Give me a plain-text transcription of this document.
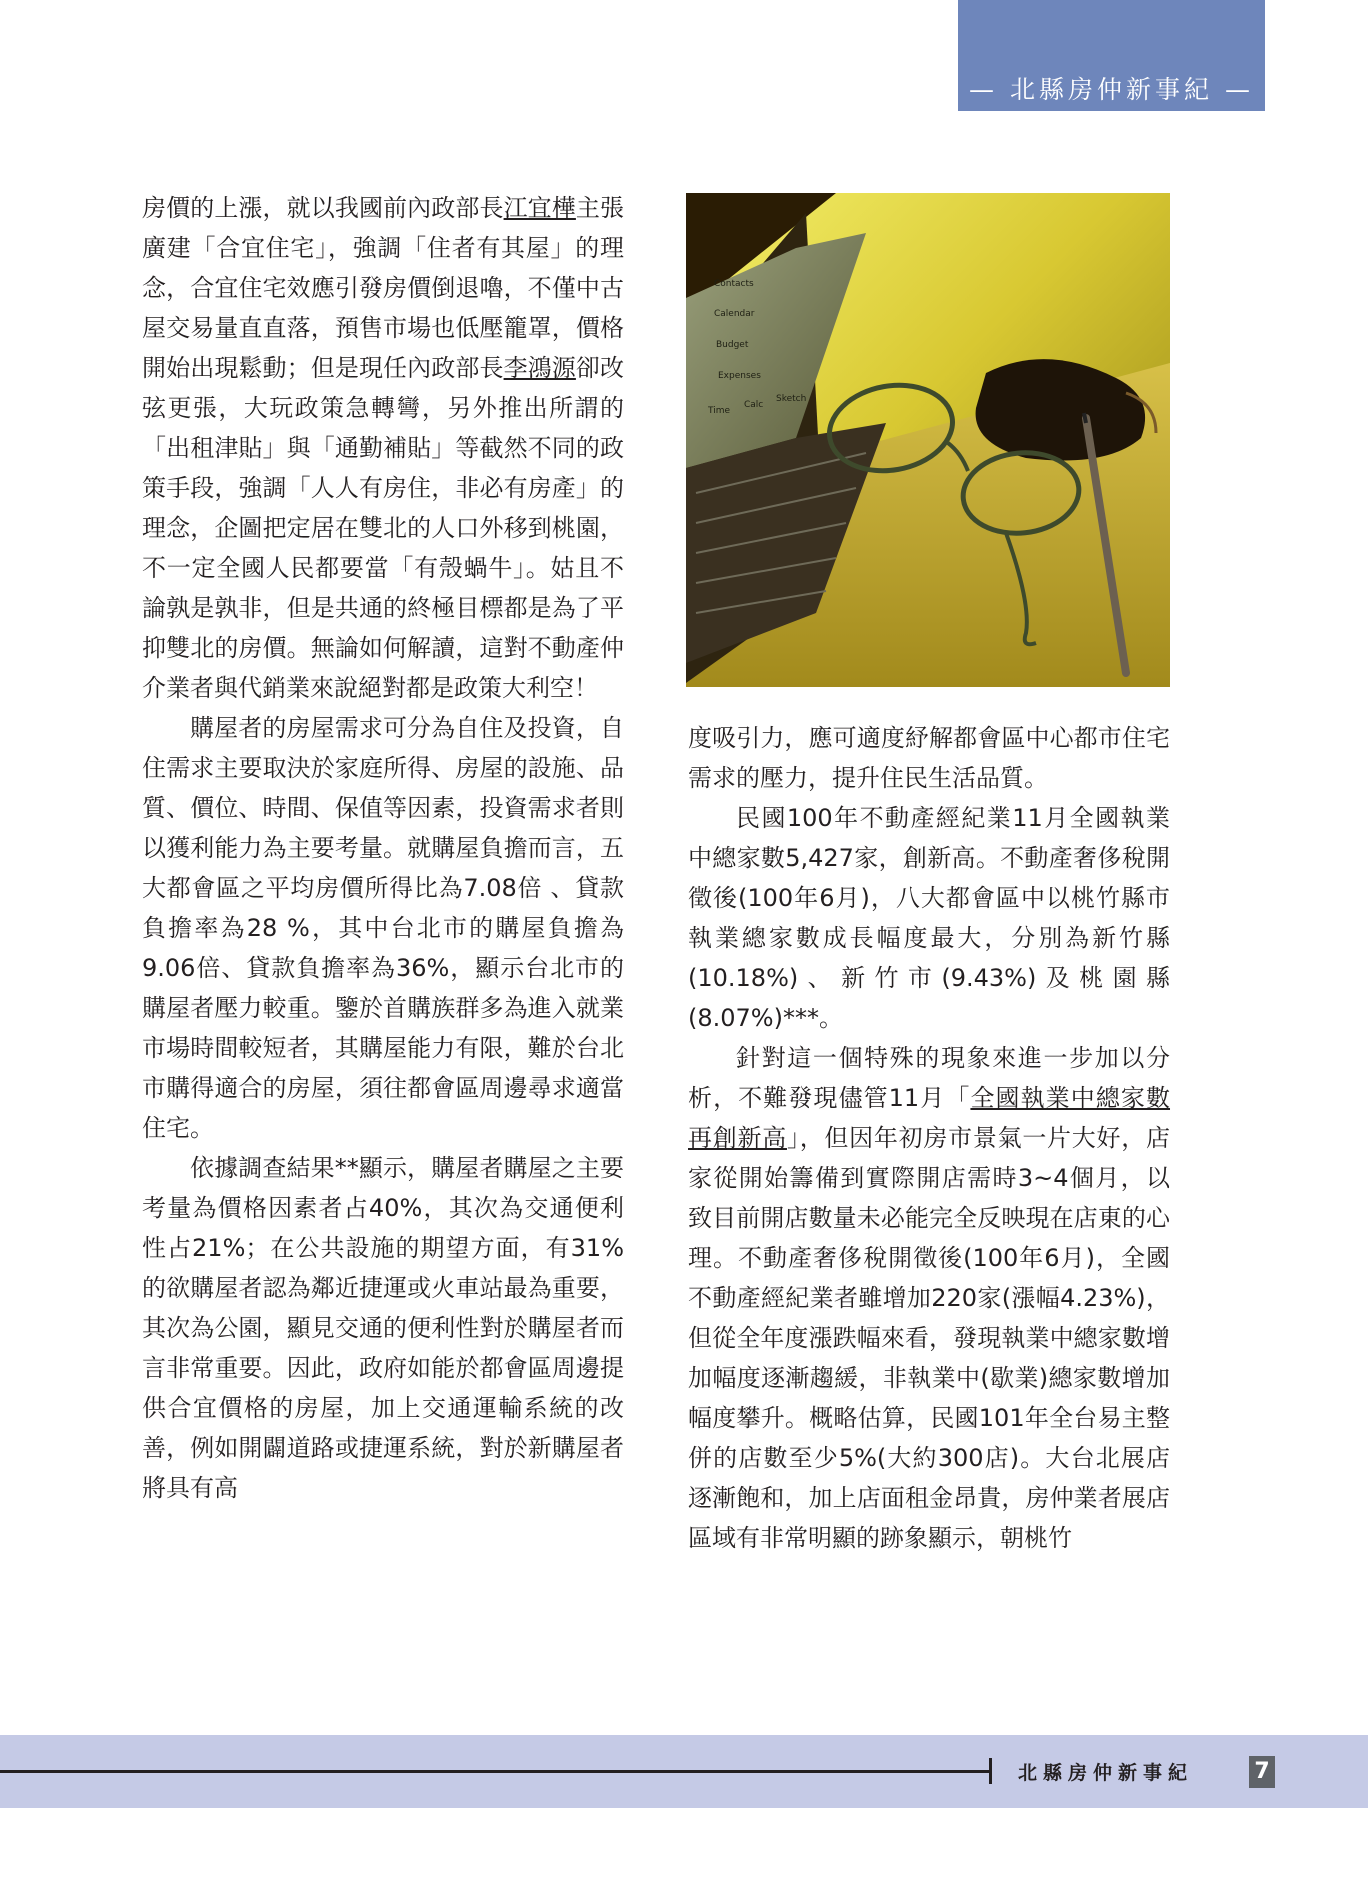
— 北縣房仲新事紀 —

房價的上漲，就以我國前內政部長江宜樺主張廣建「合宜住宅」，強調「住者有其屋」的理念，合宜住宅效應引發房價倒退嚕，不僅中古屋交易量直直落，預售市場也低壓籠罩，價格開始出現鬆動；但是現任內政部長李鴻源卻改弦更張，大玩政策急轉彎，另外推出所謂的「出租津貼」與「通勤補貼」等截然不同的政策手段，強調「人人有房住，非必有房產」的理念，企圖把定居在雙北的人口外移到桃園，不一定全國人民都要當「有殼蝸牛」。姑且不論孰是孰非，但是共通的終極目標都是為了平抑雙北的房價。無論如何解讀，這對不動產仲介業者與代銷業來說絕對都是政策大利空！

購屋者的房屋需求可分為自住及投資，自住需求主要取決於家庭所得、房屋的設施、品質、價位、時間、保值等因素，投資需求者則以獲利能力為主要考量。就購屋負擔而言，五大都會區之平均房價所得比為7.08倍 、貸款負擔率為28 %，其中台北市的購屋負擔為9.06倍、貸款負擔率為36%，顯示台北市的購屋者壓力較重。鑒於首購族群多為進入就業市場時間較短者，其購屋能力有限，難於台北市購得適合的房屋，須往都會區周邊尋求適當住宅。

依據調查結果**顯示，購屋者購屋之主要考量為價格因素者占40%，其次為交通便利性占21%；在公共設施的期望方面，有31%的欲購屋者認為鄰近捷運或火車站最為重要，其次為公園，顯見交通的便利性對於購屋者而言非常重要。因此，政府如能於都會區周邊提供合宜價格的房屋，加上交通運輸系統的改善，例如開闢道路或捷運系統，對於新購屋者將具有高

Contacts
Calendar
Budget
Expenses
Calc
Sketch
Time

度吸引力，應可適度紓解都會區中心都市住宅需求的壓力，提升住民生活品質。

民國100年不動產經紀業11月全國執業中總家數5,427家，創新高。不動產奢侈稅開徵後(100年6月)，八大都會區中以桃竹縣市執業總家數成長幅度最大，分別為新竹縣(10.18%)、新竹市(9.43%)及桃園縣(8.07%)***。

針對這一個特殊的現象來進一步加以分析，不難發現儘管11月「全國執業中總家數再創新高」，但因年初房市景氣一片大好，店家從開始籌備到實際開店需時3~4個月，以致目前開店數量未必能完全反映現在店東的心理。不動產奢侈稅開徵後(100年6月)，全國不動產經紀業者雖增加220家(漲幅4.23%)，但從全年度漲跌幅來看，發現執業中總家數增加幅度逐漸趨緩，非執業中(歇業)總家數增加幅度攀升。概略估算，民國101年全台易主整併的店數至少5%(大約300店)。大台北展店逐漸飽和，加上店面租金昂貴，房仲業者展店區域有非常明顯的跡象顯示，朝桃竹

北縣房仲新事紀	7
